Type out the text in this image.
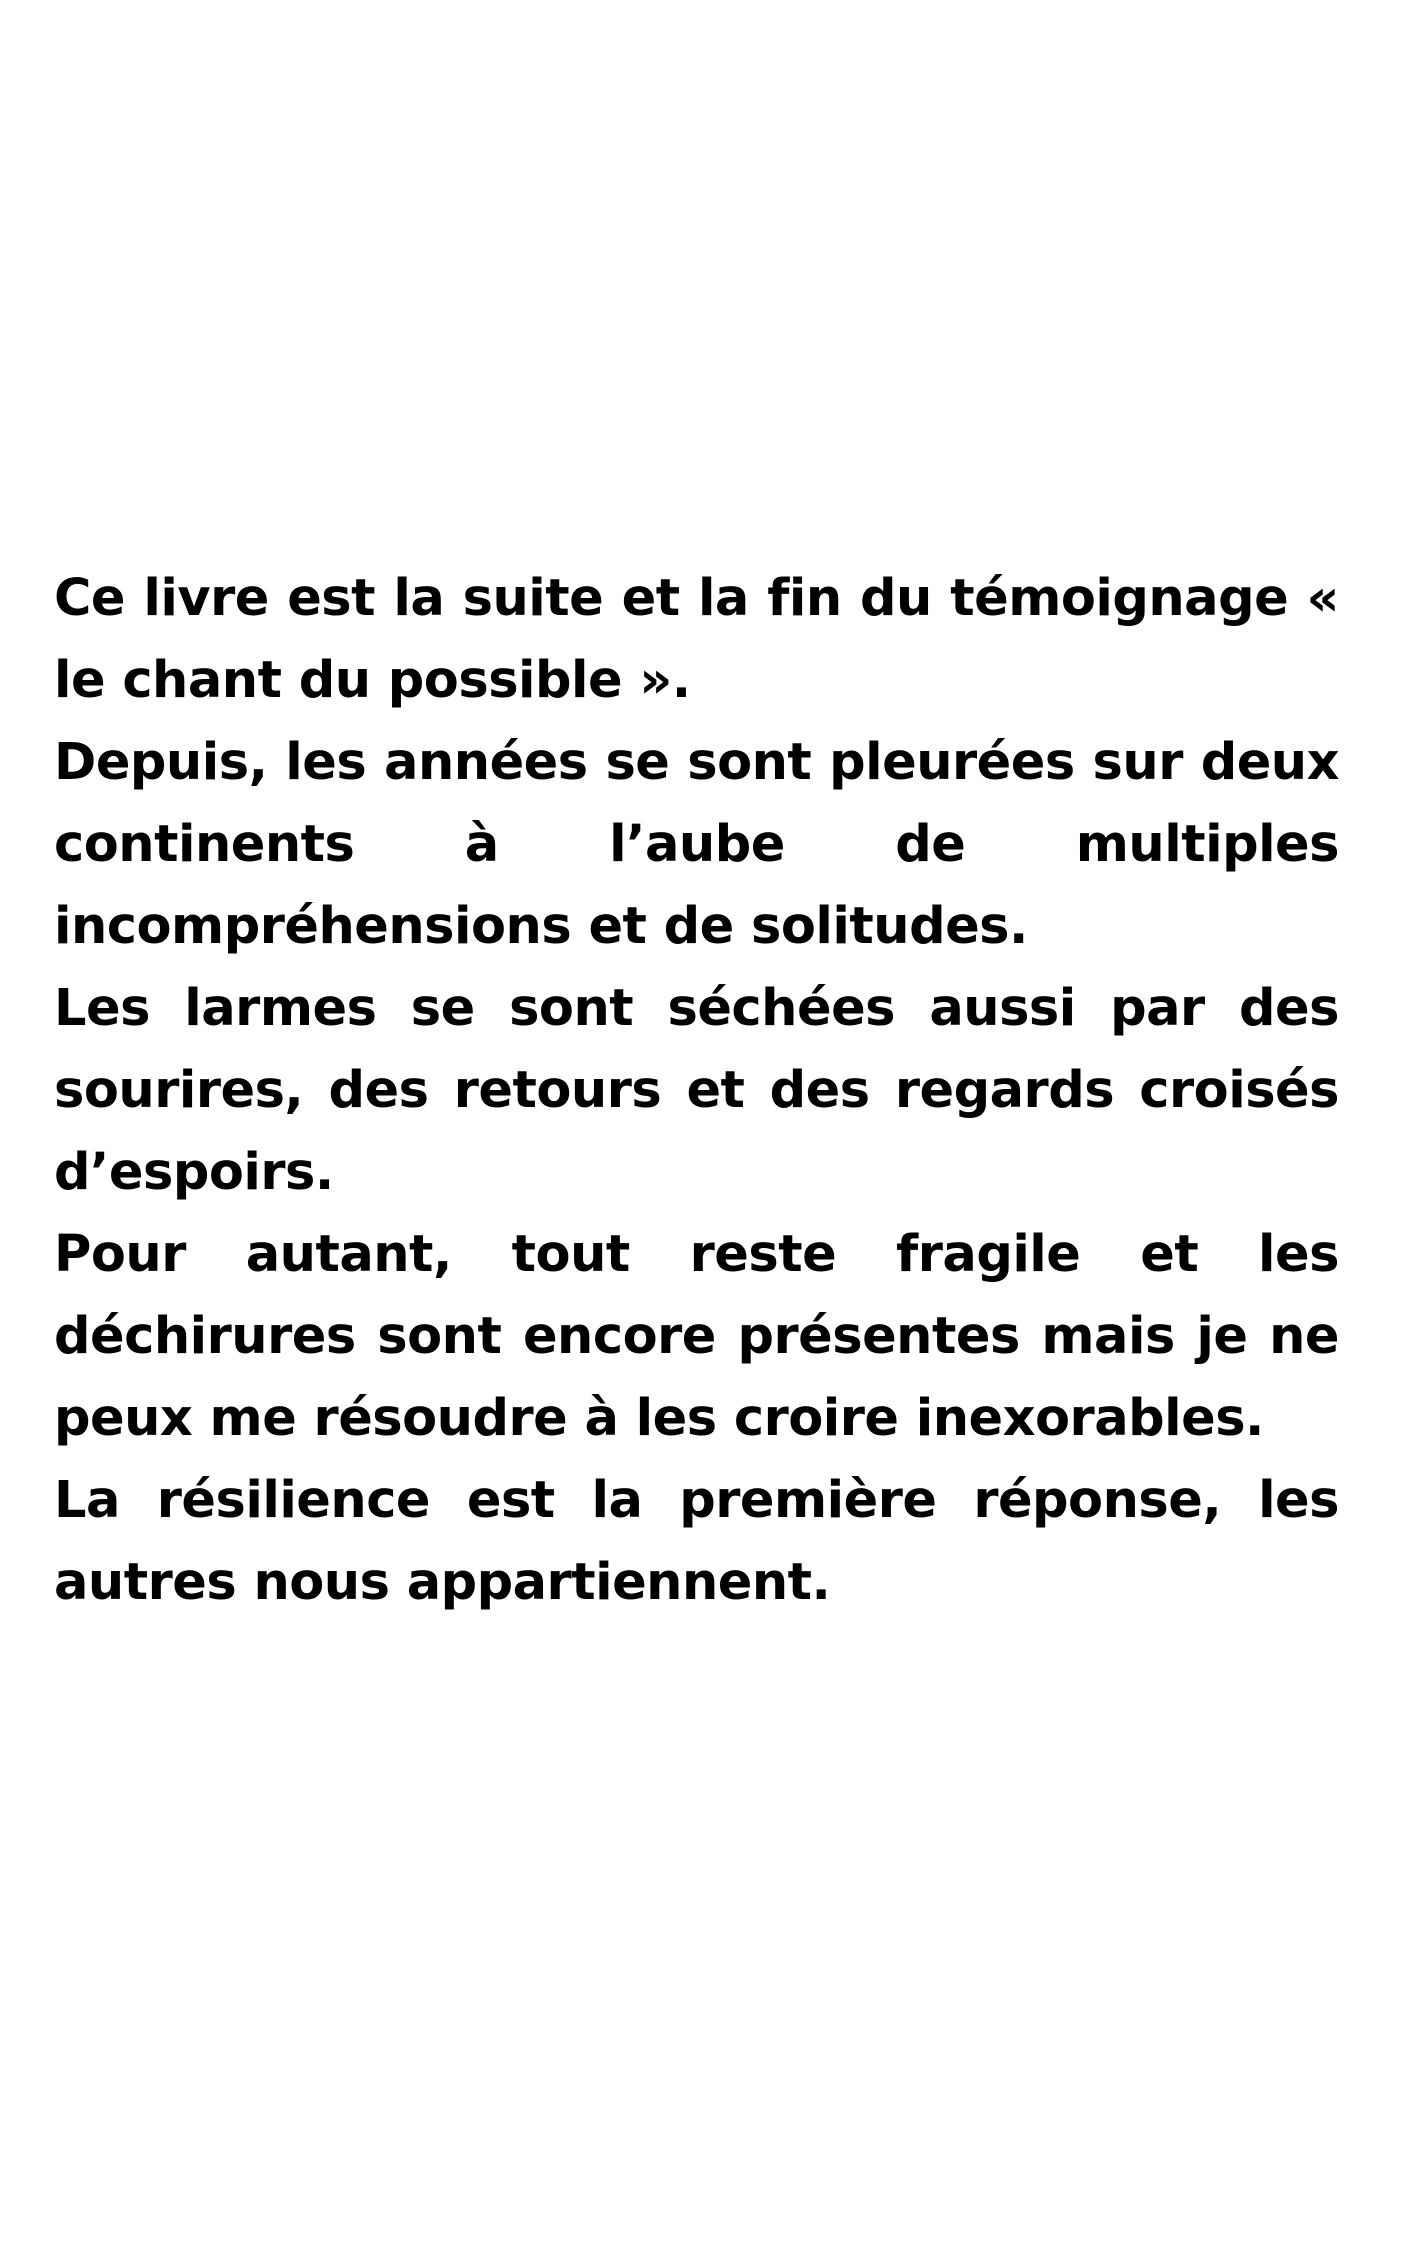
Ce livre est la suite et la fin du témoignage « le chant du possible ».

Depuis, les années se sont pleurées sur deux continents à l’aube de multiples incompréhensions et de solitudes.

Les larmes se sont séchées aussi par des sourires, des retours et des regards croisés d’espoirs.

Pour autant, tout reste fragile et les déchirures sont encore présentes mais je ne peux me résoudre à les croire inexorables.

La résilience est la première réponse, les autres nous appartiennent.
